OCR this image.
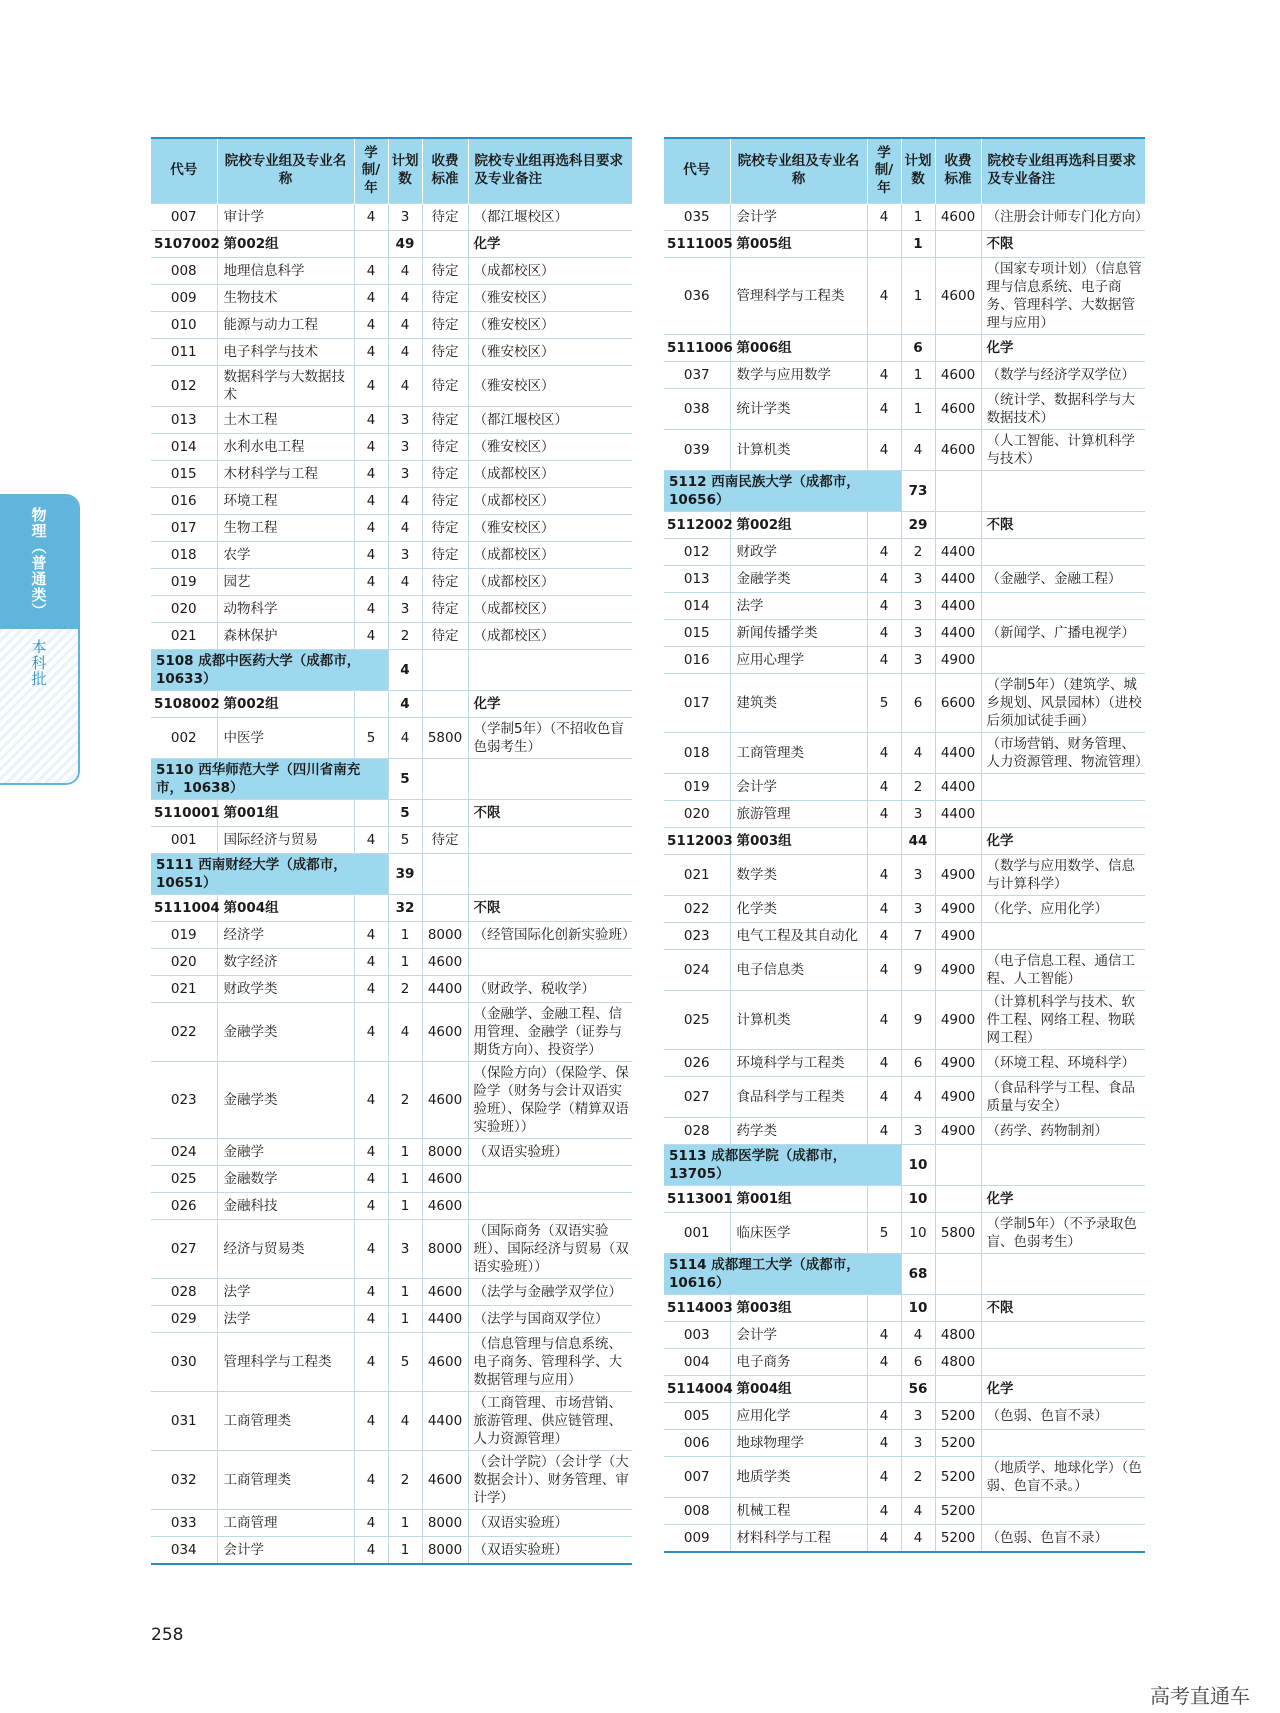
代号	院校专业组及专业名称	学制/年	计划数	收费标准	院校专业组再选科目要求及专业备注
007	审计学	4	3	待定	（都江堰校区）
5107002	第002组		49		化学
008	地理信息科学	4	4	待定	（成都校区）
009	生物技术	4	4	待定	（雅安校区）
010	能源与动力工程	4	4	待定	（雅安校区）
011	电子科学与技术	4	4	待定	（雅安校区）
012	数据科学与大数据技术	4	4	待定	（雅安校区）
013	土木工程	4	3	待定	（都江堰校区）
014	水利水电工程	4	3	待定	（雅安校区）
015	木材科学与工程	4	3	待定	（成都校区）
016	环境工程	4	4	待定	（成都校区）
017	生物工程	4	4	待定	（雅安校区）
018	农学	4	3	待定	（成都校区）
019	园艺	4	4	待定	（成都校区）
020	动物科学	4	3	待定	（成都校区）
021	森林保护	4	2	待定	（成都校区）
5108 成都中医药大学（成都市，10633）			4		
5108002	第002组		4		化学
002	中医学	5	4	5800	（学制5年）（不招收色盲色弱考生）
5110 西华师范大学（四川省南充市，10638）			5		
5110001	第001组		5		不限
001	国际经济与贸易	4	5	待定	
5111 西南财经大学（成都市，10651）			39		
5111004	第004组		32		不限
019	经济学	4	1	8000	（经管国际化创新实验班）
020	数字经济	4	1	4600	
021	财政学类	4	2	4400	（财政学、税收学）
022	金融学类	4	4	4600	（金融学、金融工程、信用管理、金融学（证券与期货方向）、投资学）
023	金融学类	4	2	4600	（保险方向）（保险学、保险学（财务与会计双语实验班）、保险学（精算双语实验班））
024	金融学	4	1	8000	（双语实验班）
025	金融数学	4	1	4600	
026	金融科技	4	1	4600	
027	经济与贸易类	4	3	8000	（国际商务（双语实验班）、国际经济与贸易（双语实验班））
028	法学	4	1	4600	（法学与金融学双学位）
029	法学	4	1	4400	（法学与国商双学位）
030	管理科学与工程类	4	5	4600	（信息管理与信息系统、电子商务、管理科学、大数据管理与应用）
031	工商管理类	4	4	4400	（工商管理、市场营销、旅游管理、供应链管理、人力资源管理）
032	工商管理类	4	2	4600	（会计学院）（会计学（大数据会计）、财务管理、审计学）
033	工商管理	4	1	8000	（双语实验班）
034	会计学	4	1	8000	（双语实验班）
代号	院校专业组及专业名称	学制/年	计划数	收费标准	院校专业组再选科目要求及专业备注
035	会计学	4	1	4600	（注册会计师专门化方向）
5111005	第005组		1		不限
036	管理科学与工程类	4	1	4600	（国家专项计划）（信息管理与信息系统、电子商务、管理科学、大数据管理与应用）
5111006	第006组		6		化学
037	数学与应用数学	4	1	4600	（数学与经济学双学位）
038	统计学类	4	1	4600	（统计学、数据科学与大数据技术）
039	计算机类	4	4	4600	（人工智能、计算机科学与技术）
5112 西南民族大学（成都市，10656）			73		
5112002	第002组		29		不限
012	财政学	4	2	4400	
013	金融学类	4	3	4400	（金融学、金融工程）
014	法学	4	3	4400	
015	新闻传播学类	4	3	4400	（新闻学、广播电视学）
016	应用心理学	4	3	4900	
017	建筑类	5	6	6600	（学制5年）（建筑学、城乡规划、风景园林）（进校后须加试徒手画）
018	工商管理类	4	4	4400	（市场营销、财务管理、人力资源管理、物流管理）
019	会计学	4	2	4400	
020	旅游管理	4	3	4400	
5112003	第003组		44		化学
021	数学类	4	3	4900	（数学与应用数学、信息与计算科学）
022	化学类	4	3	4900	（化学、应用化学）
023	电气工程及其自动化	4	7	4900	
024	电子信息类	4	9	4900	（电子信息工程、通信工程、人工智能）
025	计算机类	4	9	4900	（计算机科学与技术、软件工程、网络工程、物联网工程）
026	环境科学与工程类	4	6	4900	（环境工程、环境科学）
027	食品科学与工程类	4	4	4900	（食品科学与工程、食品质量与安全）
028	药学类	4	3	4900	（药学、药物制剂）
5113 成都医学院（成都市，13705）			10		
5113001	第001组		10		化学
001	临床医学	5	10	5800	（学制5年）（不予录取色盲、色弱考生）
5114 成都理工大学（成都市，10616）			68		
5114003	第003组		10		不限
003	会计学	4	4	4800	
004	电子商务	4	6	4800	
5114004	第004组		56		化学
005	应用化学	4	3	5200	（色弱、色盲不录）
006	地球物理学	4	3	5200	
007	地质学类	4	2	5200	（地质学、地球化学）（色弱、色盲不录。）
008	机械工程	4	4	5200	
009	材料科学与工程	4	4	5200	（色弱、色盲不录）
物理（普通类）
本科批
258
高考直通车
